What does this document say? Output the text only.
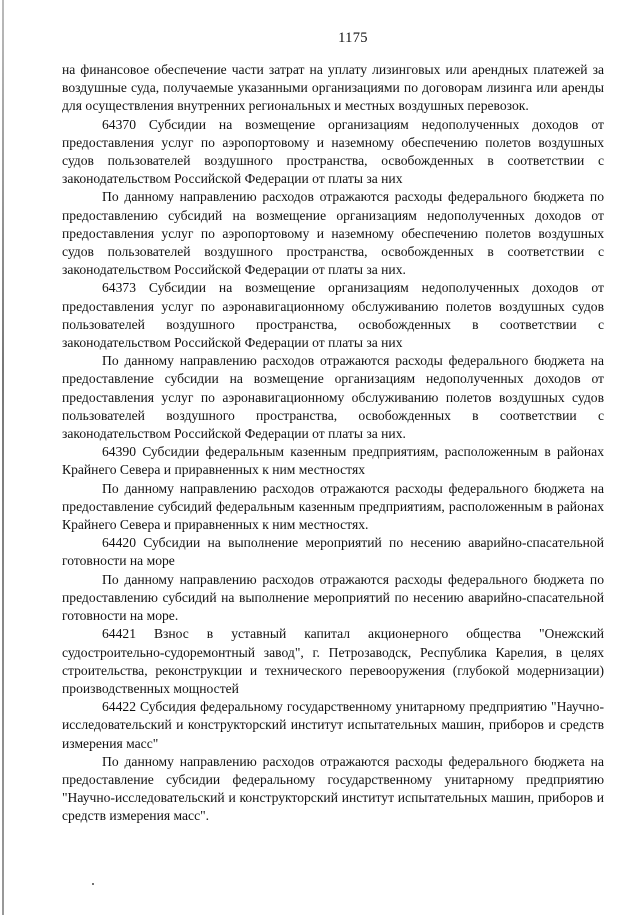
1175

на финансовое обеспечение части затрат на уплату лизинговых или арендных платежей за воздушные суда, получаемые указанными организациями по договорам лизинга или аренды для осуществления внутренних региональных и местных воздушных перевозок.

64370 Субсидии на возмещение организациям недополученных доходов от предоставления услуг по аэропортовому и наземному обеспечению полетов воздушных судов пользователей воздушного пространства, освобожденных в соответствии с законодательством Российской Федерации от платы за них

По данному направлению расходов отражаются расходы федерального бюджета по предоставлению субсидий на возмещение организациям недополученных доходов от предоставления услуг по аэропортовому и наземному обеспечению полетов воздушных судов пользователей воздушного пространства, освобожденных в соответствии с законодательством Российской Федерации от платы за них.

64373 Субсидии на возмещение организациям недополученных доходов от предоставления услуг по аэронавигационному обслуживанию полетов воздушных судов пользователей воздушного пространства, освобожденных в соответствии с законодательством Российской Федерации от платы за них

По данному направлению расходов отражаются расходы федерального бюджета на предоставление субсидии на возмещение организациям недополученных доходов от предоставления услуг по аэронавигационному обслуживанию полетов воздушных судов пользователей воздушного пространства, освобожденных в соответствии с законодательством Российской Федерации от платы за них.

64390 Субсидии федеральным казенным предприятиям, расположенным в районах Крайнего Севера и приравненных к ним местностях

По данному направлению расходов отражаются расходы федерального бюджета на предоставление субсидий федеральным казенным предприятиям, расположенным в районах Крайнего Севера и приравненных к ним местностях.

64420 Субсидии на выполнение мероприятий по несению аварийно-спасательной готовности на море

По данному направлению расходов отражаются расходы федерального бюджета по предоставлению субсидий на выполнение мероприятий по несению аварийно-спасательной готовности на море.

64421 Взнос в уставный капитал акционерного общества "Онежский судостроительно-судоремонтный завод", г. Петрозаводск, Республика Карелия, в целях строительства, реконструкции и технического перевооружения (глубокой модернизации) производственных мощностей

64422 Субсидия федеральному государственному унитарному предприятию "Научно-исследовательский и конструкторский институт испытательных машин, приборов и средств измерения масс"

По данному направлению расходов отражаются расходы федерального бюджета на предоставление субсидии федеральному государственному унитарному предприятию "Научно-исследовательский и конструкторский институт испытательных машин, приборов и средств измерения масс".
